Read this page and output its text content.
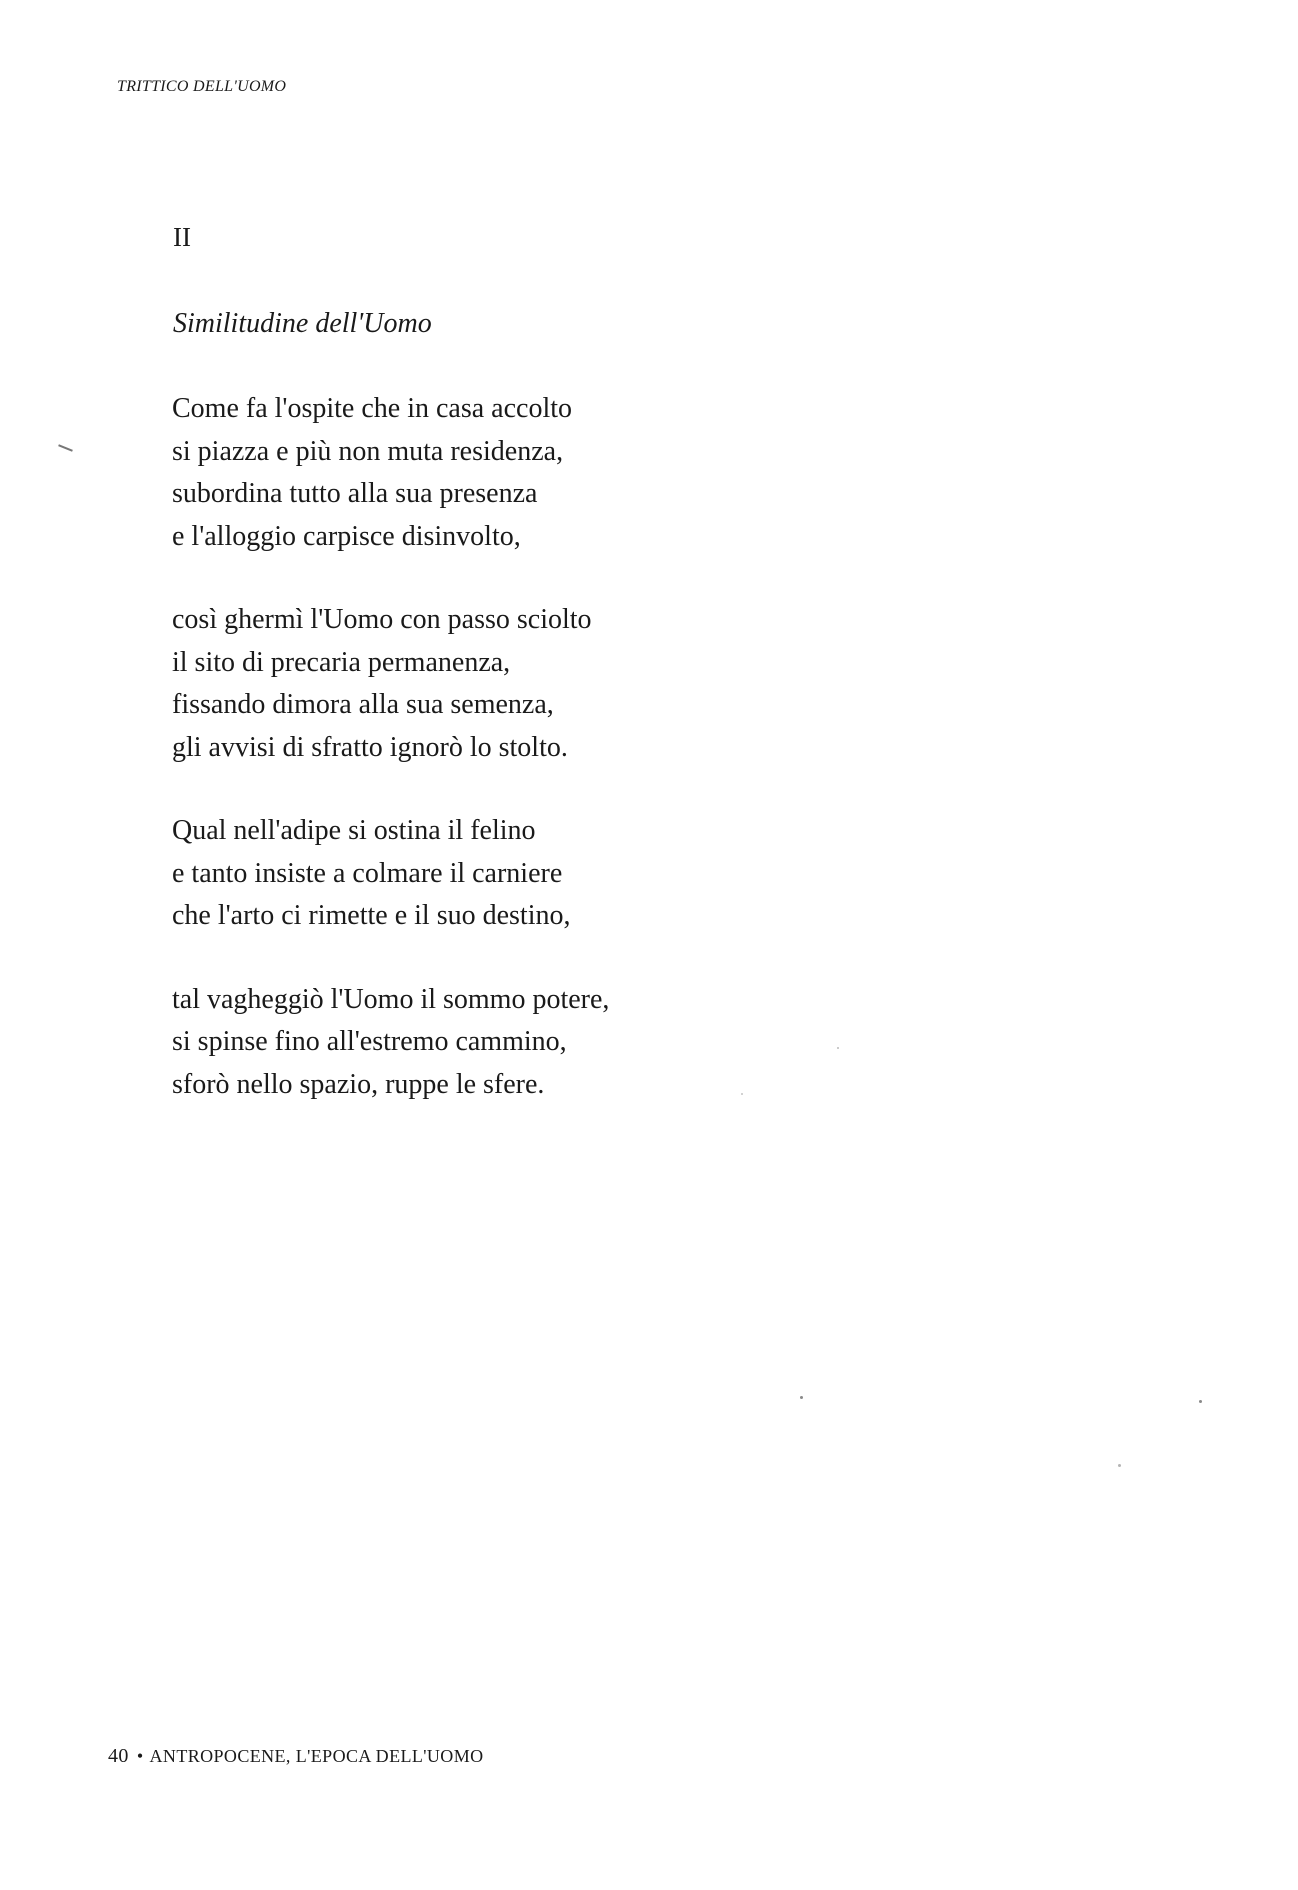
TRITTICO DELL'UOMO
II
Similitudine dell'Uomo
Come fa l'ospite che in casa accolto
si piazza e più non muta residenza,
subordina tutto alla sua presenza
e l'alloggio carpisce disinvolto,
così ghermì l'Uomo con passo sciolto
il sito di precaria permanenza,
fissando dimora alla sua semenza,
gli avvisi di sfratto ignorò lo stolto.
Qual nell'adipe si ostina il felino
e tanto insiste a colmare il carniere
che l'arto ci rimette e il suo destino,
tal vagheggiò l'Uomo il sommo potere,
si spinse fino all'estremo cammino,
sforò nello spazio, ruppe le sfere.
40 • ANTROPOCENE, L'EPOCA DELL'UOMO
